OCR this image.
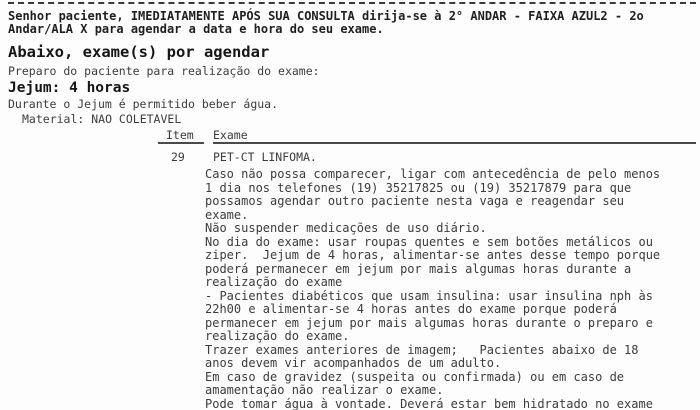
Senhor paciente, IMEDIATAMENTE APÓS SUA CONSULTA dirija-se à 2° ANDAR - FAIXA AZUL2 - 2o
Andar/ALA X para agendar a data e hora do seu exame.
Abaixo, exame(s) por agendar
Preparo do paciente para realização do exame:
Jejum: 4 horas
Durante o Jejum é permitido beber água.
Material: NAO COLETAVEL
Item	Exame
29	PET-CT LINFOMA.
Caso não possa comparecer, ligar com antecedência de pelo menos
1 dia nos telefones (19) 35217825 ou (19) 35217879 para que
possamos agendar outro paciente nesta vaga e reagendar seu
exame.
Não suspender medicações de uso diário.
No dia do exame: usar roupas quentes e sem botões metálicos ou
ziper.  Jejum de 4 horas, alimentar-se antes desse tempo porque
poderá permanecer em jejum por mais algumas horas durante a
realização do exame
- Pacientes diabéticos que usam insulina: usar insulina nph às
22h00 e alimentar-se 4 horas antes do exame porque poderá
permanecer em jejum por mais algumas horas durante o preparo e
realização do exame.
Trazer exames anteriores de imagem;   Pacientes abaixo de 18
anos devem vir acompanhados de um adulto.
Em caso de gravidez (suspeita ou confirmada) ou em caso de
amamentação não realizar o exame.
Pode tomar água à vontade. Deverá estar bem hidratado no exame
